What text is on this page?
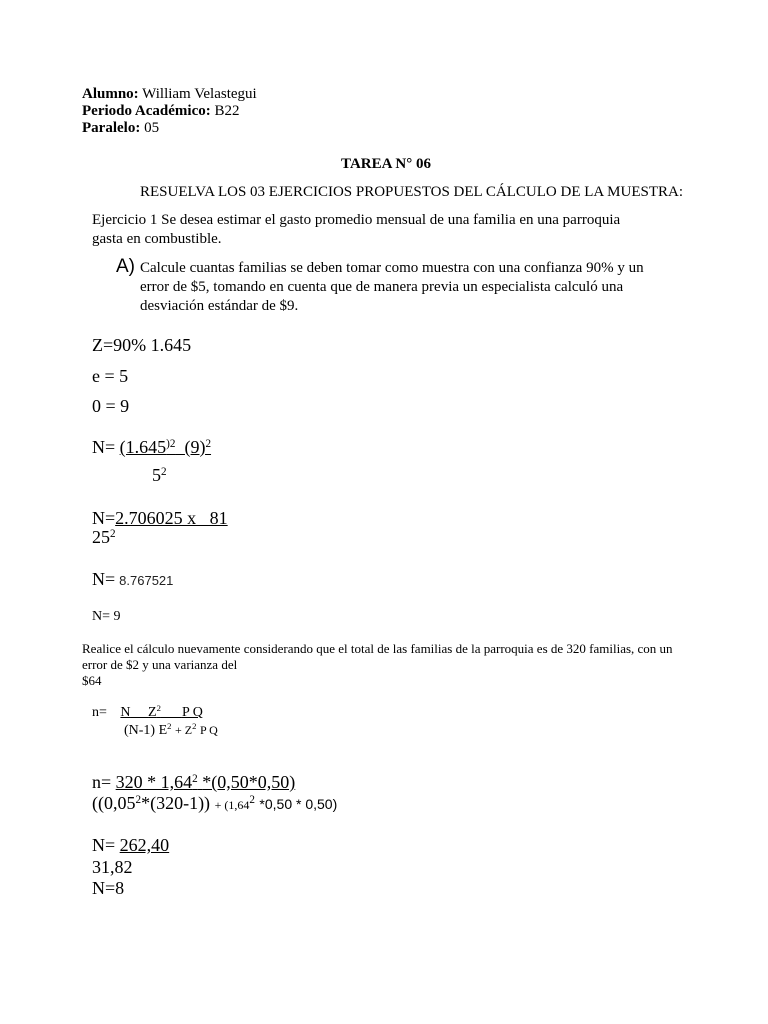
Alumno: William Velastegui
Periodo Académico: B22
Paralelo: 05
TAREA N° 06
RESUELVA LOS 03 EJERCICIOS PROPUESTOS DEL CÁLCULO DE LA MUESTRA:
Ejercicio 1 Se desea estimar el gasto promedio mensual de una familia en una parroquia
gasta en combustible.
A) Calcule cuantas familias se deben tomar como muestra con una confianza 90% y un
error de $5, tomando en cuenta que de manera previa un especialista calculó una
desviación estándar de $9.
Z=90% 1.645
e = 5
0 = 9
$N= (1.645^{)2}$ $(9)^2$
$5^2$
N=2.706025 x   81
$25^2$
N= 8.767521
N= 9
Realice el cálculo nuevamente considerando que el total de las familias de la parroquia es de 320 familias, con un
error de $2 y una varianza del
$64
n= N $Z^2$ P Q
(N-1) $E^2 + Z^2$ P Q
n= 320 * 1,64$^2$ *(0,50*0,50)
($(0,05^2*(320-1)) + (1,64^2$ *0,50 * 0,50)
N= 262,40
31,82
N=8
